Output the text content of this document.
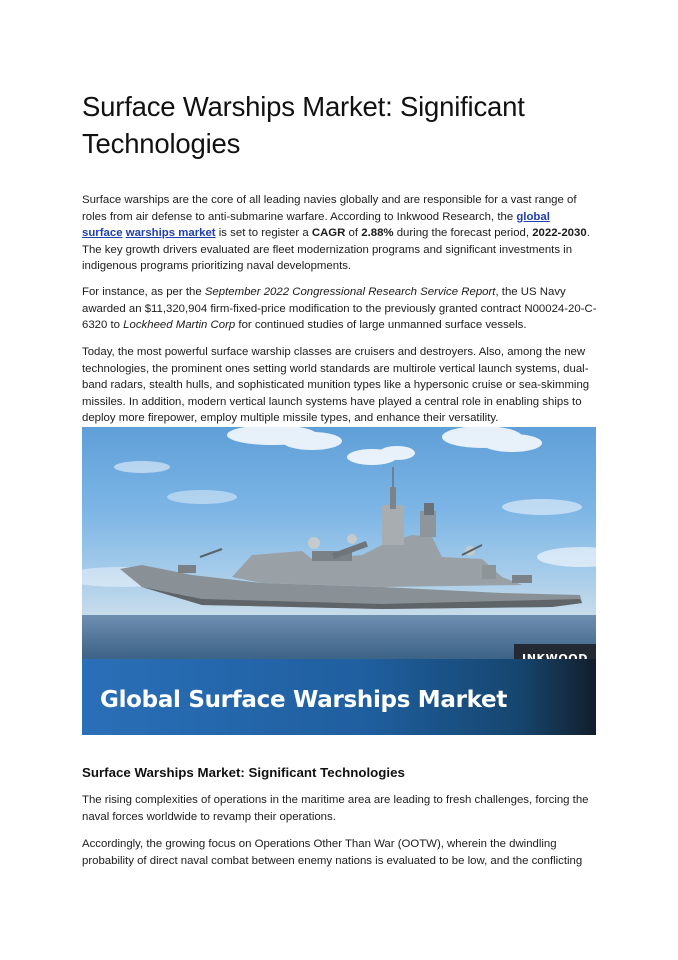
Surface Warships Market: Significant
Technologies

Surface warships are the core of all leading navies globally and are responsible for a vast range of roles from air defense to anti-submarine warfare. According to Inkwood Research, the global
surface warships market is set to register a CAGR of 2.88% during the forecast period, 2022-2030. The key growth drivers evaluated are fleet modernization programs and significant investments in indigenous programs prioritizing naval developments.

For instance, as per the September 2022 Congressional Research Service Report, the US Navy awarded an $11,320,904 firm-fixed-price modification to the previously granted contract N00024-20-C-6320 to Lockheed Martin Corp for continued studies of large unmanned surface vessels.

Today, the most powerful surface warship classes are cruisers and destroyers. Also, among the new technologies, the prominent ones setting world standards are multirole vertical launch systems, dual-band radars, stealth hulls, and sophisticated munition types like a hypersonic cruise or sea-skimming missiles. In addition, modern vertical launch systems have played a central role in enabling ships to deploy more firepower, employ multiple missile types, and enhance their versatility.

Global Surface Warships Market
Surface Warships Market: Significant Technologies

The rising complexities of operations in the maritime area are leading to fresh challenges, forcing the naval forces worldwide to revamp their operations.

Accordingly, the growing focus on Operations Other Than War (OOTW), wherein the dwindling probability of direct naval combat between enemy nations is evaluated to be low, and the conflicting
